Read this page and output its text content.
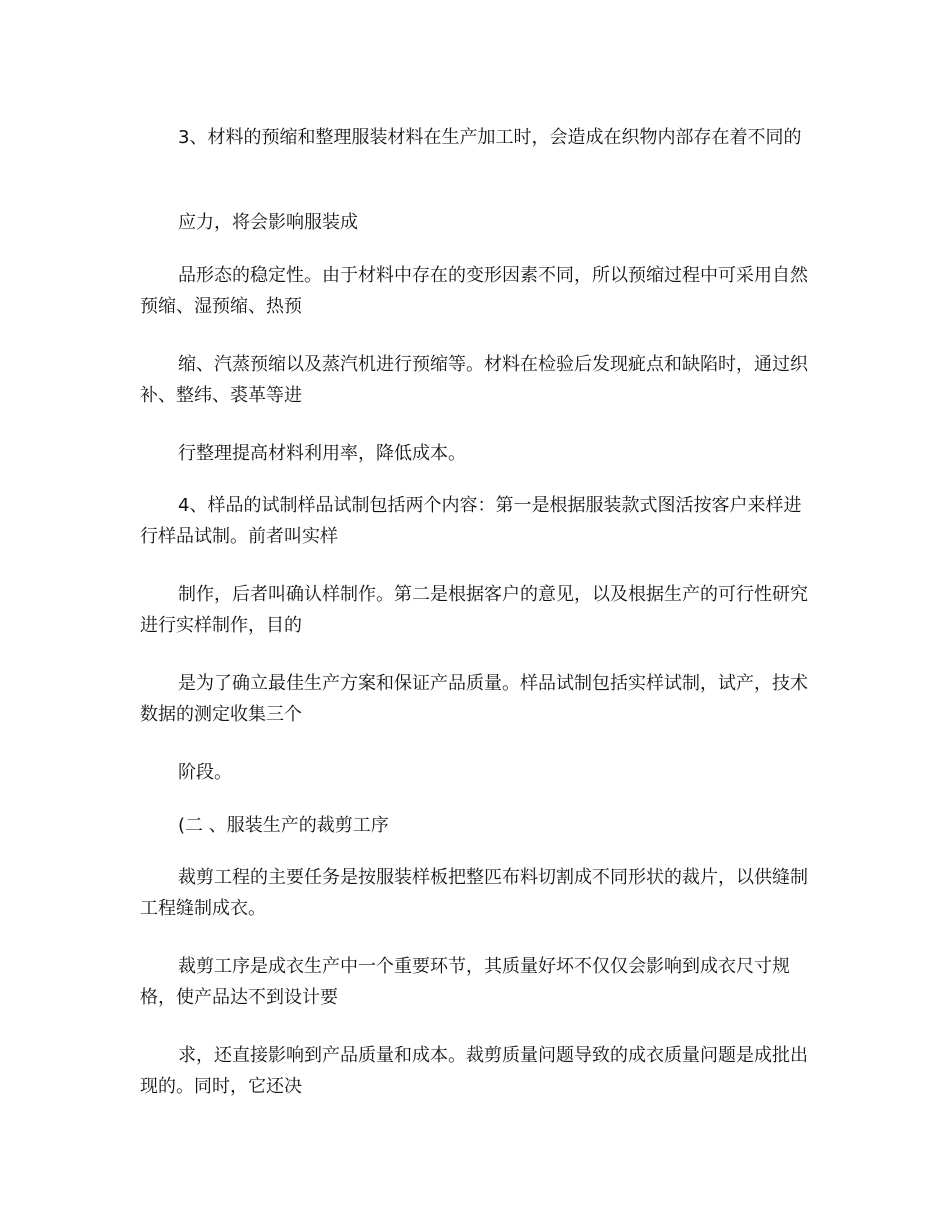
3、材料的预缩和整理服装材料在生产加工时，会造成在织物内部存在着不同的

应力，将会影响服装成

品形态的稳定性。由于材料中存在的变形因素不同，所以预缩过程中可采用自然预缩、湿预缩、热预

缩、汽蒸预缩以及蒸汽机进行预缩等。材料在检验后发现疵点和缺陷时，通过织补、整纬、裘革等进

行整理提高材料利用率，降低成本。

4、样品的试制样品试制包括两个内容：第一是根据服装款式图活按客户来样进行样品试制。前者叫实样

制作，后者叫确认样制作。第二是根据客户的意见，以及根据生产的可行性研究进行实样制作，目的

是为了确立最佳生产方案和保证产品质量。样品试制包括实样试制，试产，技术数据的测定收集三个

阶段。

(二 、服装生产的裁剪工序

裁剪工程的主要任务是按服装样板把整匹布料切割成不同形状的裁片，以供缝制工程缝制成衣。

裁剪工序是成衣生产中一个重要环节，其质量好坏不仅仅会影响到成衣尺寸规格，使产品达不到设计要

求，还直接影响到产品质量和成本。裁剪质量问题导致的成衣质量问题是成批出现的。同时，它还决
